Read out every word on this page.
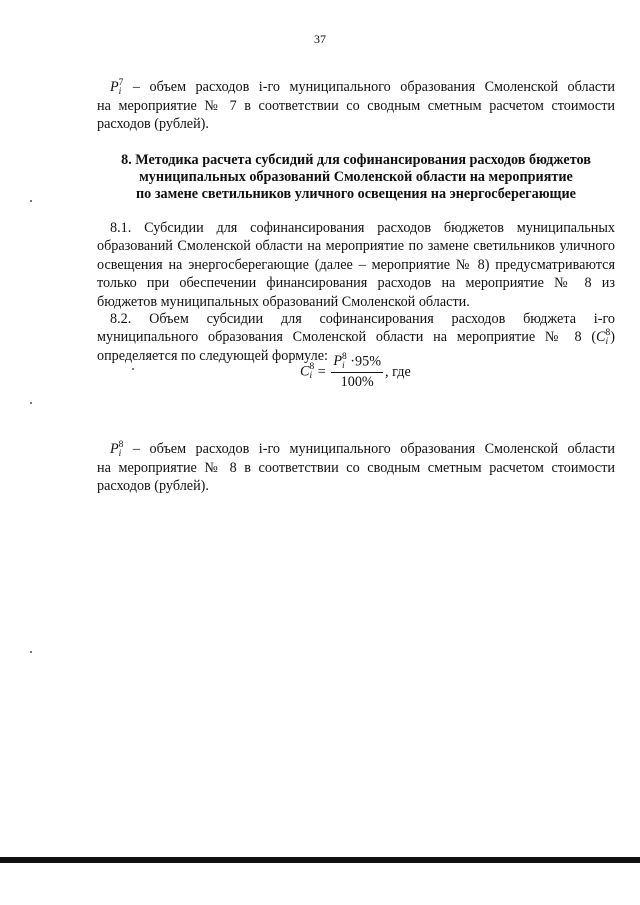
37
P 7
i – объем расходов i-го муниципального образования Смоленской области
на мероприятие № 7 в соответствии со сводным сметным расчетом стоимости
расходов (рублей).
8. Методика расчета субсидий для софинансирования расходов бюджетов
муниципальных образований Смоленской области на мероприятие
по замене светильников уличного освещения на энергосберегающие
8.1. Субсидии для софинансирования расходов бюджетов муниципальных
образований Смоленской области на мероприятие по замене светильников уличного
освещения на энергосберегающие (далее – мероприятие № 8) предусматриваются
только при обеспечении финансирования расходов на мероприятие № 8 из
бюджетов муниципальных образований Смоленской области.
8.2. Объем субсидии для софинансирования расходов бюджета i-го
муниципального образования Смоленской области на мероприятие № 8 (C 8
i )
определяется по следующей формуле:
C 8
i = P 8
i ·95%
100% , где
P 8
i – объем расходов i-го муниципального образования Смоленской области
на мероприятие № 8 в соответствии со сводным сметным расчетом стоимости
расходов (рублей).
